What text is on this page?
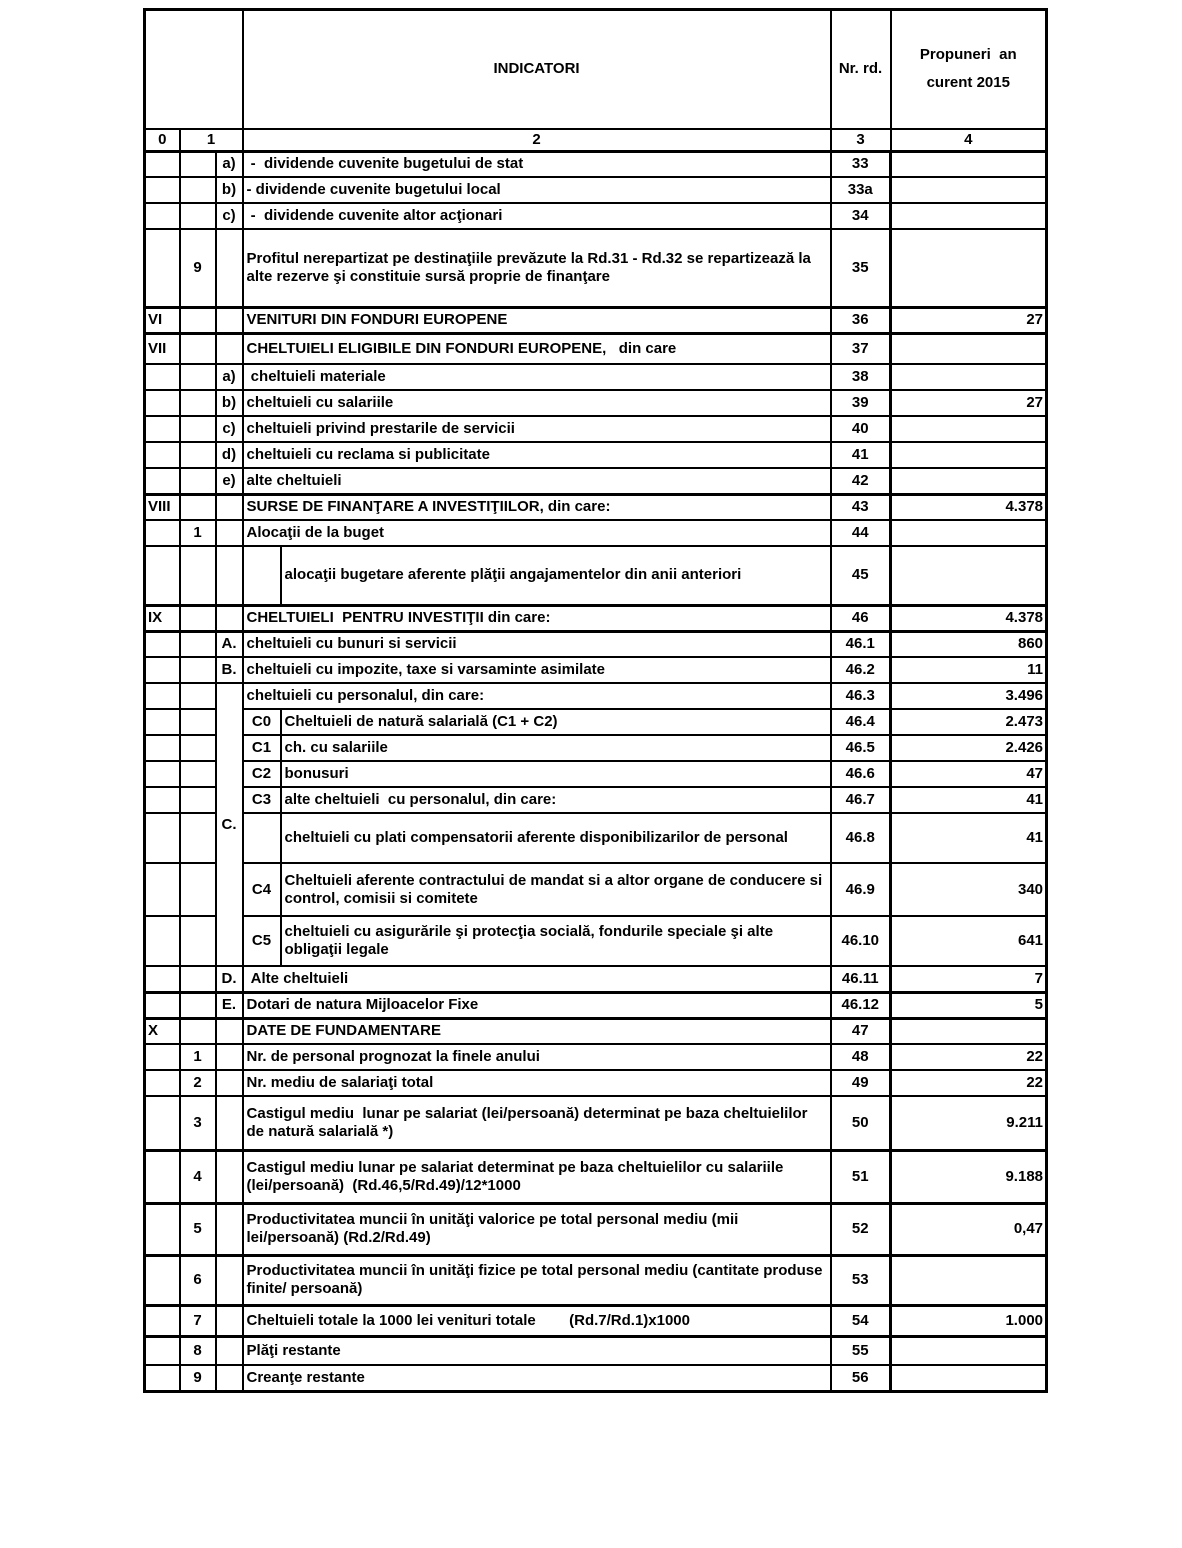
			INDICATORI		Nr. rd.	Propuneri  an
curent 2015

0	1		2		3	4
		a)	-  dividende cuvenite bugetului de stat		33	
		b)	- dividende cuvenite bugetului local		33a	
		c)	-  dividende cuvenite altor acţionari		34	
	9		Profitul nerepartizat pe destinaţiile prevăzute la Rd.31 - Rd.32 se repartizează la alte rezerve şi constituie sursă proprie de finanţare		35	
VI			VENITURI DIN FONDURI EUROPENE		36	27
VII			CHELTUIELI ELIGIBILE DIN FONDURI EUROPENE,   din care		37	
		a)	cheltuieli materiale		38	
		b)	cheltuieli cu salariile		39	27
		c)	cheltuieli privind prestarile de servicii		40	
		d)	cheltuieli cu reclama si publicitate		41	
		e)	alte cheltuieli		42	
VIII			SURSE DE FINANŢARE A INVESTIŢIILOR, din care:		43	4.378
	1		Alocaţii de la buget		44	
				alocaţii bugetare aferente plăţii angajamentelor din anii anteriori	45	
IX			CHELTUIELI  PENTRU INVESTIŢII din care:		46	4.378
		A.	cheltuieli cu bunuri si servicii		46.1	860
		B.	cheltuieli cu impozite, taxe si varsaminte asimilate		46.2	11
		C.	cheltuieli cu personalul, din care:		46.3	3.496
			C0	Cheltuieli de natură salarială (C1 + C2)	46.4	2.473
			C1	ch. cu salariile	46.5	2.426
			C2	bonusuri	46.6	47
			C3	alte cheltuieli  cu personalul, din care:	46.7	41
				cheltuieli cu plati compensatorii aferente disponibilizarilor de personal	46.8	41
			C4	Cheltuieli aferente contractului de mandat si a altor organe de conducere si control, comisii si comitete	46.9	340
			C5	cheltuieli cu asigurările şi protecţia socială, fondurile speciale şi alte obligaţii legale	46.10	641
		D.	Alte cheltuieli		46.11	7
		E.	Dotari de natura Mijloacelor Fixe		46.12	5
X			DATE DE FUNDAMENTARE		47	
	1		Nr. de personal prognozat la finele anului		48	22
	2		Nr. mediu de salariaţi total		49	22
	3		Castigul mediu  lunar pe salariat (lei/persoană) determinat pe baza cheltuielilor de natură salarială *)		50	9.211
	4		Castigul mediu lunar pe salariat determinat pe baza cheltuielilor cu salariile (lei/persoană)  (Rd.46,5/Rd.49)/12*1000		51	9.188
	5		Productivitatea muncii în unităţi valorice pe total personal mediu (mii lei/persoană) (Rd.2/Rd.49)		52	0,47
	6		Productivitatea muncii în unităţi fizice pe total personal mediu (cantitate produse finite/ persoană)		53	
	7		Cheltuieli totale la 1000 lei venituri totale        (Rd.7/Rd.1)x1000		54	1.000
	8		Plăţi restante		55	
	9		Creanţe restante		56	
